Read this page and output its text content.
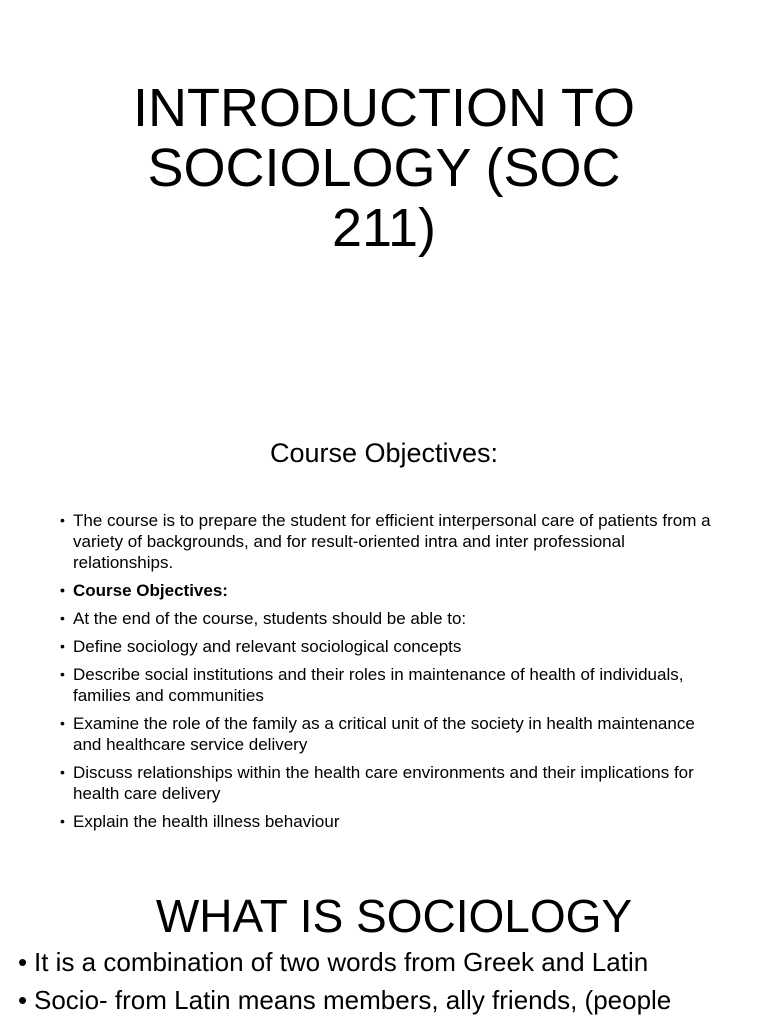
INTRODUCTION TO
SOCIOLOGY (SOC
211)
Course Objectives:
• The course is to prepare the student for efficient interpersonal care of patients from a variety of backgrounds, and for result-oriented intra and inter professional relationships.
• Course Objectives:
• At the end of the course, students should be able to:
• Define sociology and relevant sociological concepts
• Describe social institutions and their roles in maintenance of health of individuals, families and communities
• Examine the role of the family as a critical unit of the society in health maintenance and healthcare service delivery
• Discuss relationships within the health care environments and their implications for health care delivery
• Explain the health illness behaviour
WHAT IS SOCIOLOGY
• It is a combination of two words from Greek and Latin
• Socio- from Latin means members, ally friends, (people
